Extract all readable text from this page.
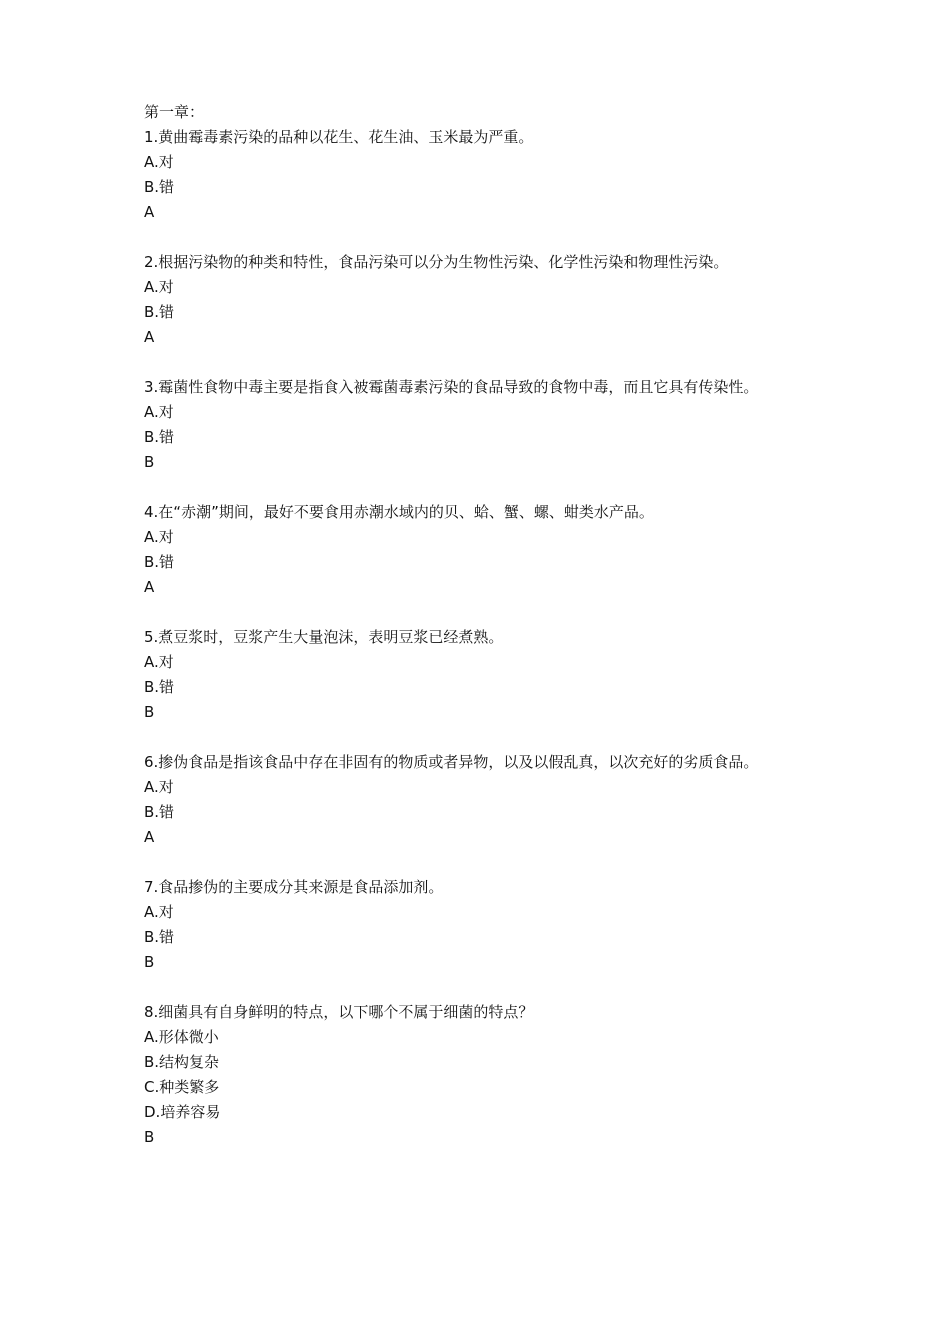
第一章：
1.黄曲霉毒素污染的品种以花生、花生油、玉米最为严重。
A.对
B.错
A
2.根据污染物的种类和特性，食品污染可以分为生物性污染、化学性污染和物理性污染。
A.对
B.错
A
3.霉菌性食物中毒主要是指食入被霉菌毒素污染的食品导致的食物中毒，而且它具有传染性。
A.对
B.错
B
4.在“赤潮”期间，最好不要食用赤潮水域内的贝、蛤、蟹、螺、蚶类水产品。
A.对
B.错
A
5.煮豆浆时，豆浆产生大量泡沫，表明豆浆已经煮熟。
A.对
B.错
B
6.掺伪食品是指该食品中存在非固有的物质或者异物，以及以假乱真，以次充好的劣质食品。
A.对
B.错
A
7.食品掺伪的主要成分其来源是食品添加剂。
A.对
B.错
B
8.细菌具有自身鲜明的特点，以下哪个不属于细菌的特点？
A.形体微小
B.结构复杂
C.种类繁多
D.培养容易
B
